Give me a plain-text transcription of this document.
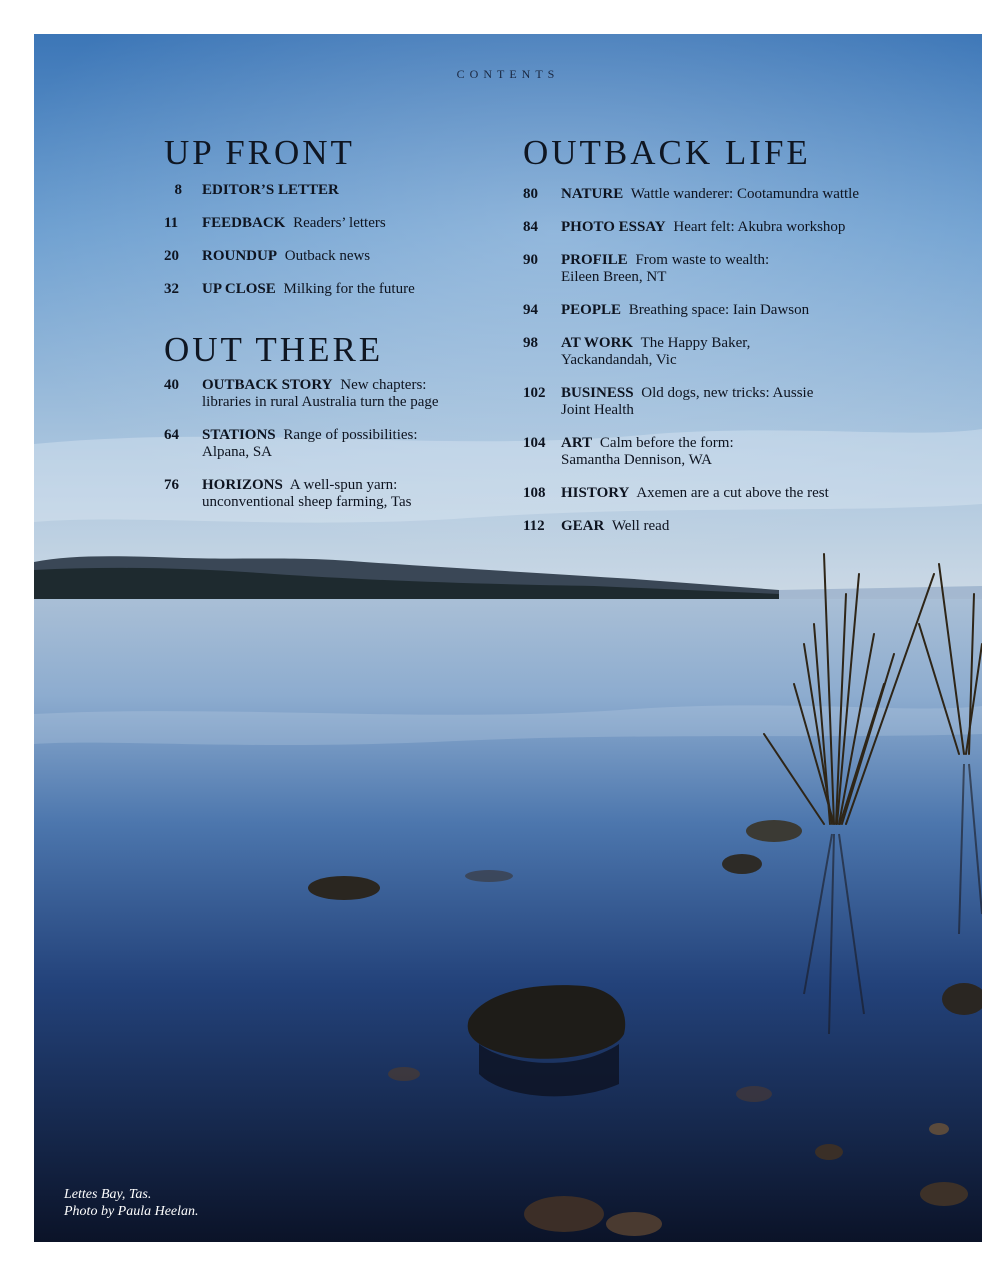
CONTENTS
UP FRONT
8 EDITOR’S LETTER
11	FEEDBACK Readers’ letters
20	ROUNDUP Outback news
32	UP CLOSE Milking for the future
OUT THERE
40	OUTBACK STORY New chapters:
libraries in rural Australia turn the page
64	STATIONS Range of possibilities:
Alpana, SA
76	HORIZONS A well-spun yarn:
unconventional sheep farming, Tas
OUTBACK LIFE
80	NATURE Wattle wanderer: Cootamundra wattle
84	PHOTO ESSAY Heart felt: Akubra workshop
90	PROFILE From waste to wealth:
Eileen Breen, NT
94	PEOPLE Breathing space: Iain Dawson
98	AT WORK The Happy Baker,
Yackandandah, Vic
102	BUSINESS Old dogs, new tricks: Aussie
Joint Health
104	ART Calm before the form:
Samantha Dennison, WA
108	HISTORY Axemen are a cut above the rest
112	GEAR Well read
Lettes Bay, Tas.
Photo by Paula Heelan.
